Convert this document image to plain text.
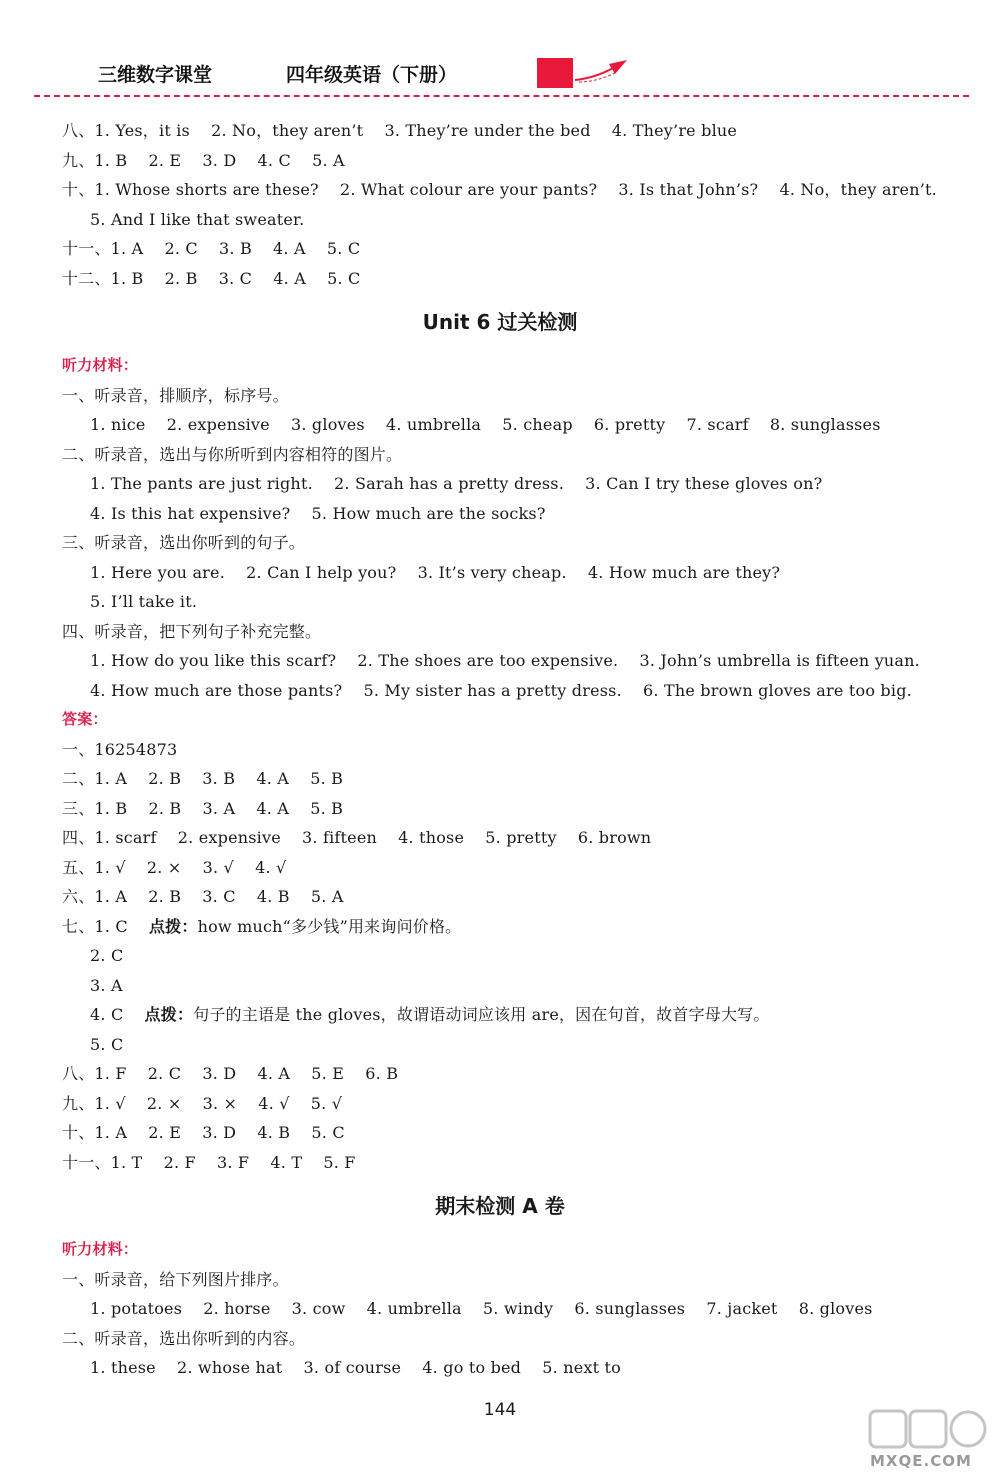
三维数字课堂	四年级英语（下册）
八、1. Yes，it is    2. No，they aren’t    3. They’re under the bed    4. They’re blue
九、1. B    2. E    3. D    4. C    5. A
十、1. Whose shorts are these?    2. What colour are your pants?    3. Is that John’s?    4. No，they aren’t.
5. And I like that sweater.
十一、1. A    2. C    3. B    4. A    5. C
十二、1. B    2. B    3. C    4. A    5. C
Unit 6 过关检测
听力材料：
一、听录音，排顺序，标序号。
1. nice    2. expensive    3. gloves    4. umbrella    5. cheap    6. pretty    7. scarf    8. sunglasses
二、听录音，选出与你所听到内容相符的图片。
1. The pants are just right.    2. Sarah has a pretty dress.    3. Can I try these gloves on?
4. Is this hat expensive?    5. How much are the socks?
三、听录音，选出你听到的句子。
1. Here you are.    2. Can I help you?    3. It’s very cheap.    4. How much are they?
5. I’ll take it.
四、听录音，把下列句子补充完整。
1. How do you like this scarf?    2. The shoes are too expensive.    3. John’s umbrella is fifteen yuan.
4. How much are those pants?    5. My sister has a pretty dress.    6. The brown gloves are too big.
答案：
一、16254873
二、1. A    2. B    3. B    4. A    5. B
三、1. B    2. B    3. A    4. A    5. B
四、1. scarf    2. expensive    3. fifteen    4. those    5. pretty    6. brown
五、1. √    2. ×    3. √    4. √
六、1. A    2. B    3. C    4. B    5. A
七、1. C    点拨：how much“多少钱”用来询问价格。
2. C
3. A
4. C    点拨：句子的主语是 the gloves，故谓语动词应该用 are，因在句首，故首字母大写。
5. C
八、1. F    2. C    3. D    4. A    5. E    6. B
九、1. √    2. ×    3. ×    4. √    5. √
十、1. A    2. E    3. D    4. B    5. C
十一、1. T    2. F    3. F    4. T    5. F
期末检测 A 卷
听力材料：
一、听录音，给下列图片排序。
1. potatoes    2. horse    3. cow    4. umbrella    5. windy    6. sunglasses    7. jacket    8. gloves
二、听录音，选出你听到的内容。
1. these    2. whose hat    3. of course    4. go to bed    5. next to
144
MXQE.COM
